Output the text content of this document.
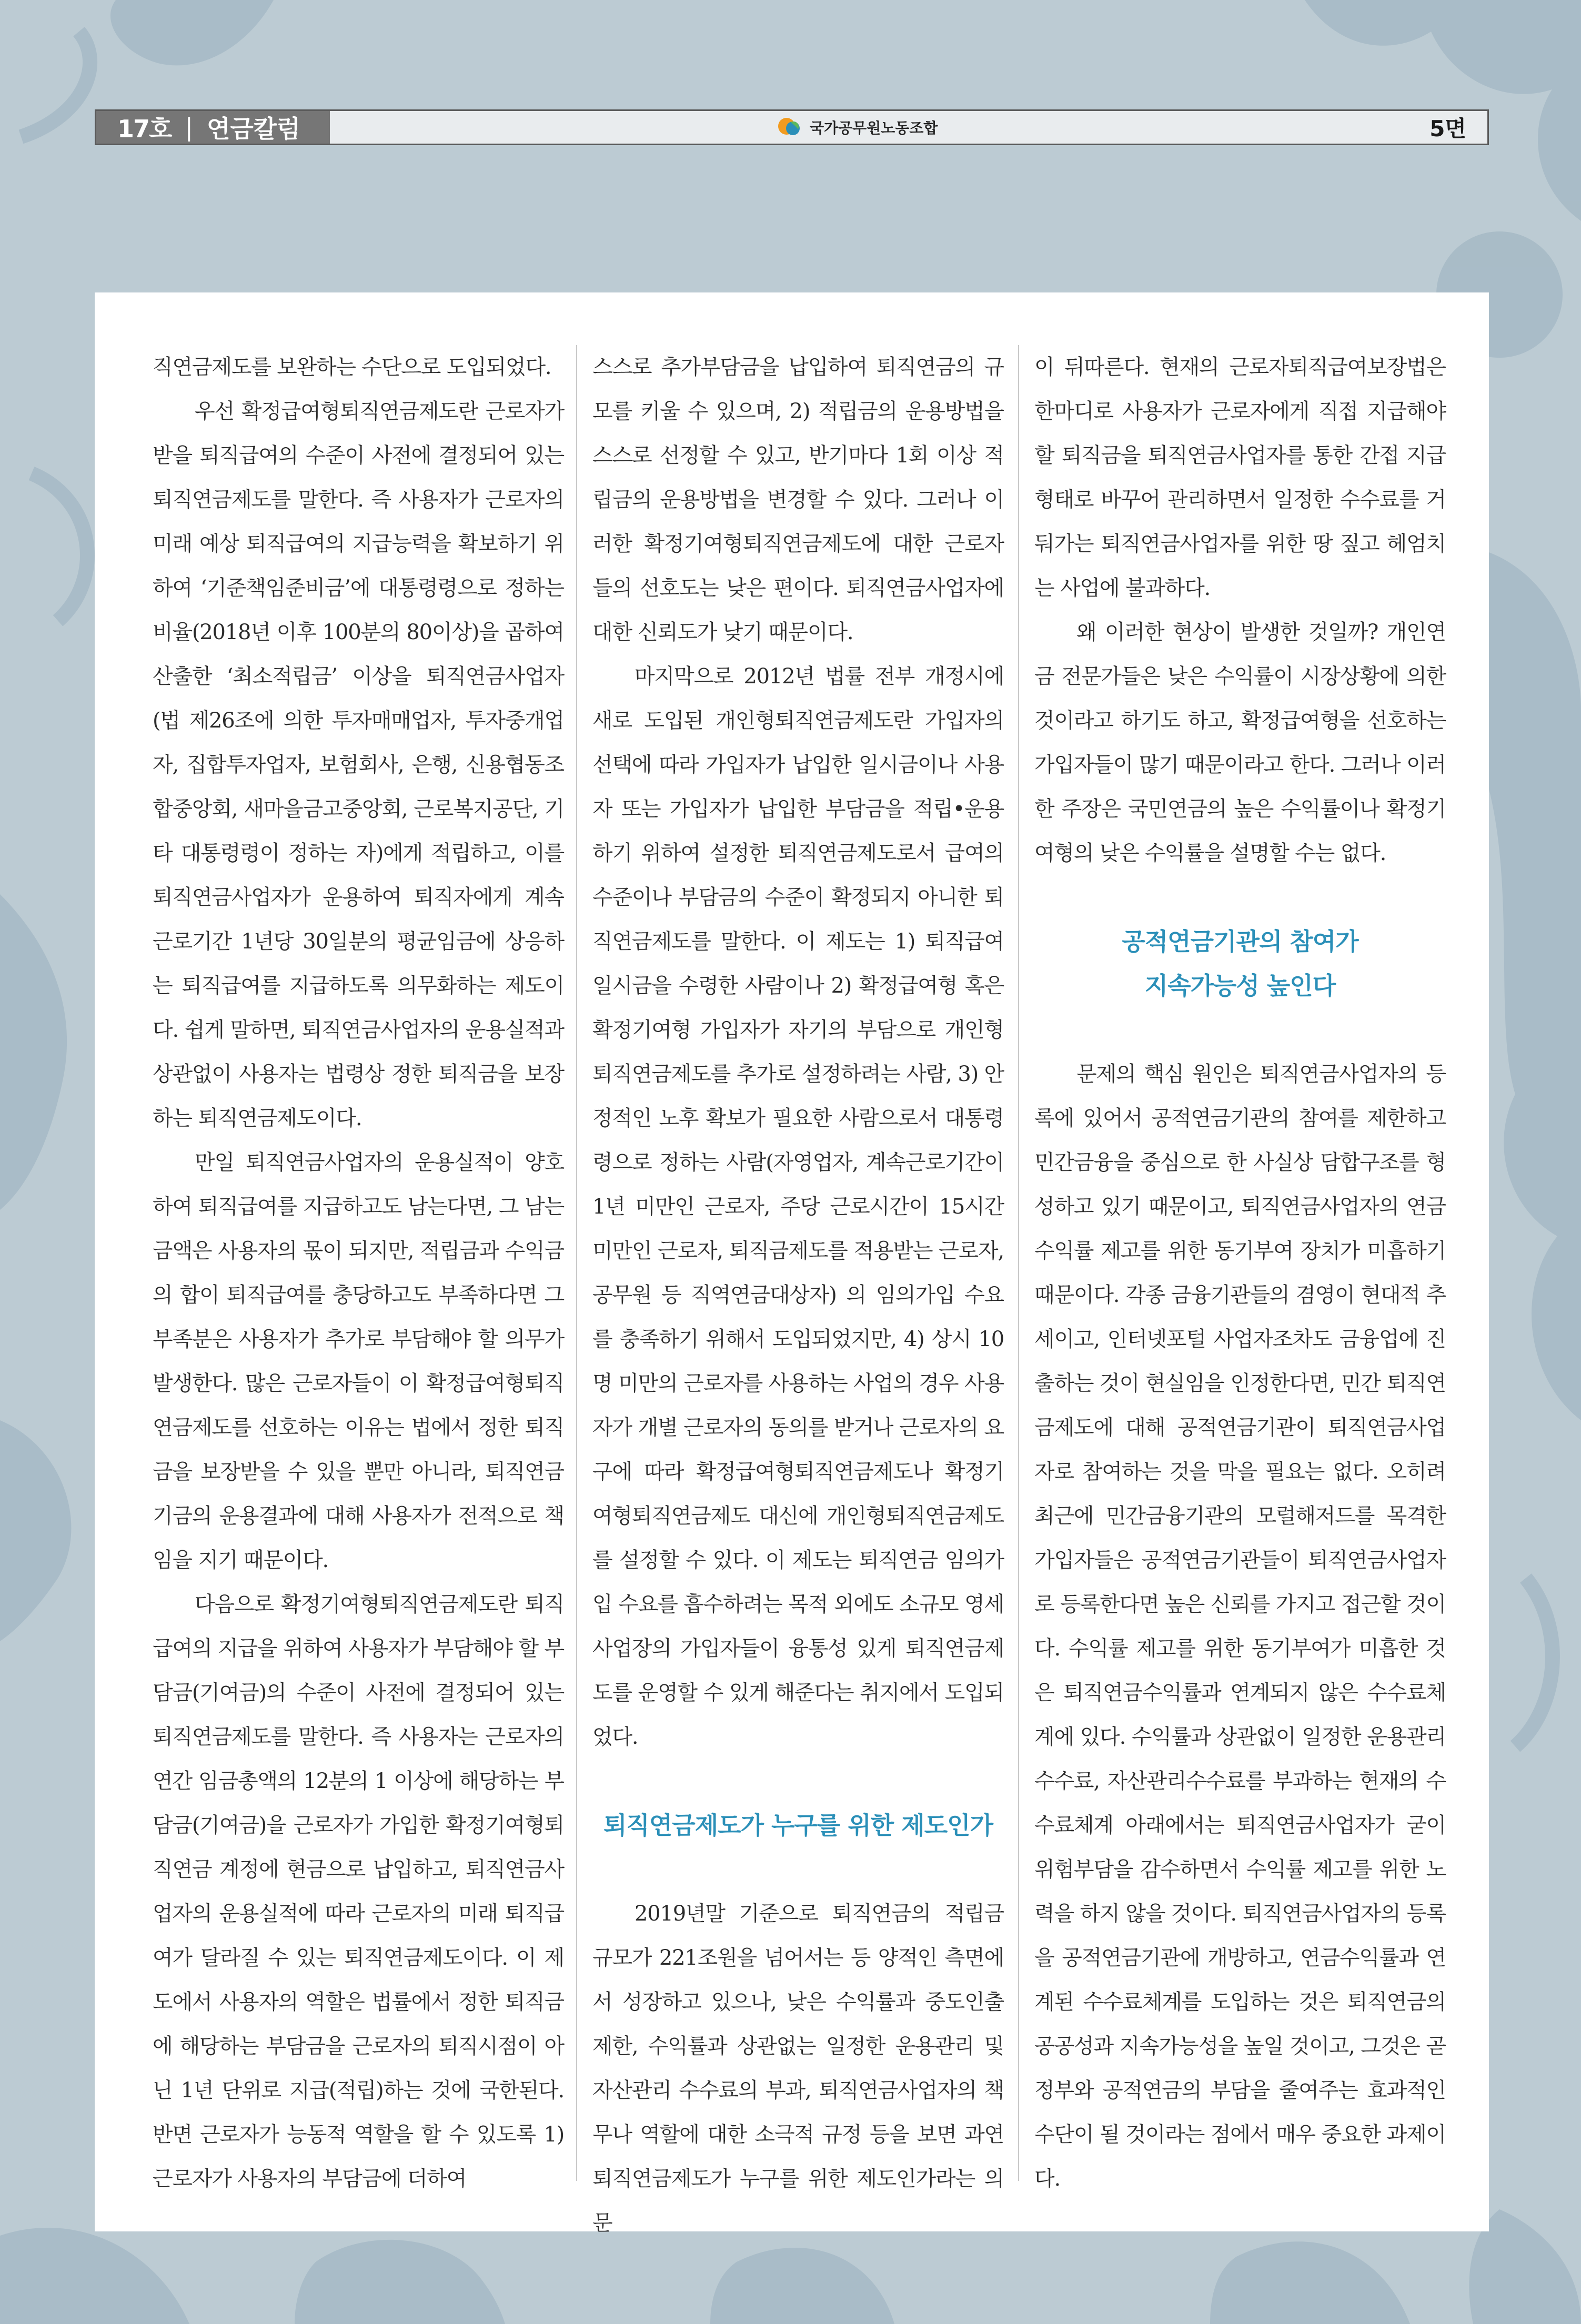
17호 | 연금칼럼	국가공무원노동조합	5면

직연금제도를 보완하는 수단으로 도입되었다.

우선 확정급여형퇴직연금제도란 근로자가 받을 퇴직급여의 수준이 사전에 결정되어 있는 퇴직연금제도를 말한다. 즉 사용자가 근로자의 미래 예상 퇴직급여의 지급능력을 확보하기 위하여 ‘기준책임준비금’에 대통령령으로 정하는 비율(2018년 이후 100분의 80이상)을 곱하여 산출한 ‘최소적립금’ 이상을 퇴직연금사업자(법 제26조에 의한 투자매매업자, 투자중개업자, 집합투자업자, 보험회사, 은행, 신용협동조합중앙회, 새마을금고중앙회, 근로복지공단, 기타 대통령령이 정하는 자)에게 적립하고, 이를 퇴직연금사업자가 운용하여 퇴직자에게 계속근로기간 1년당 30일분의 평균임금에 상응하는 퇴직급여를 지급하도록 의무화하는 제도이다. 쉽게 말하면, 퇴직연금사업자의 운용실적과 상관없이 사용자는 법령상 정한 퇴직금을 보장하는 퇴직연금제도이다.

만일 퇴직연금사업자의 운용실적이 양호하여 퇴직급여를 지급하고도 남는다면, 그 남는 금액은 사용자의 몫이 되지만, 적립금과 수익금의 합이 퇴직급여를 충당하고도 부족하다면 그 부족분은 사용자가 추가로 부담해야 할 의무가 발생한다. 많은 근로자들이 이 확정급여형퇴직연금제도를 선호하는 이유는 법에서 정한 퇴직금을 보장받을 수 있을 뿐만 아니라, 퇴직연금기금의 운용결과에 대해 사용자가 전적으로 책임을 지기 때문이다.

다음으로 확정기여형퇴직연금제도란 퇴직급여의 지급을 위하여 사용자가 부담해야 할 부담금(기여금)의 수준이 사전에 결정되어 있는 퇴직연금제도를 말한다. 즉 사용자는 근로자의 연간 임금총액의 12분의 1 이상에 해당하는 부담금(기여금)을 근로자가 가입한 확정기여형퇴직연금 계정에 현금으로 납입하고, 퇴직연금사업자의 운용실적에 따라 근로자의 미래 퇴직급여가 달라질 수 있는 퇴직연금제도이다. 이 제도에서 사용자의 역할은 법률에서 정한 퇴직금에 해당하는 부담금을 근로자의 퇴직시점이 아닌 1년 단위로 지급(적립)하는 것에 국한된다. 반면 근로자가 능동적 역할을 할 수 있도록 1) 근로자가 사용자의 부담금에 더하여

스스로 추가부담금을 납입하여 퇴직연금의 규모를 키울 수 있으며, 2) 적립금의 운용방법을 스스로 선정할 수 있고, 반기마다 1회 이상 적립금의 운용방법을 변경할 수 있다. 그러나 이러한 확정기여형퇴직연금제도에 대한 근로자들의 선호도는 낮은 편이다. 퇴직연금사업자에 대한 신뢰도가 낮기 때문이다.

마지막으로 2012년 법률 전부 개정시에 새로 도입된 개인형퇴직연금제도란 가입자의 선택에 따라 가입자가 납입한 일시금이나 사용자 또는 가입자가 납입한 부담금을 적립•운용하기 위하여 설정한 퇴직연금제도로서 급여의 수준이나 부담금의 수준이 확정되지 아니한 퇴직연금제도를 말한다. 이 제도는 1) 퇴직급여 일시금을 수령한 사람이나 2) 확정급여형 혹은 확정기여형 가입자가 자기의 부담으로 개인형퇴직연금제도를 추가로 설정하려는 사람, 3) 안정적인 노후 확보가 필요한 사람으로서 대통령령으로 정하는 사람(자영업자, 계속근로기간이 1년 미만인 근로자, 주당 근로시간이 15시간 미만인 근로자, 퇴직금제도를 적용받는 근로자, 공무원 등 직역연금대상자) 의 임의가입 수요를 충족하기 위해서 도입되었지만, 4) 상시 10명 미만의 근로자를 사용하는 사업의 경우 사용자가 개별 근로자의 동의를 받거나 근로자의 요구에 따라 확정급여형퇴직연금제도나 확정기여형퇴직연금제도 대신에 개인형퇴직연금제도를 설정할 수 있다. 이 제도는 퇴직연금 임의가입 수요를 흡수하려는 목적 외에도 소규모 영세사업장의 가입자들이 융통성 있게 퇴직연금제도를 운영할 수 있게 해준다는 취지에서 도입되었다.

퇴직연금제도가 누구를 위한 제도인가

2019년말 기준으로 퇴직연금의 적립금 규모가 221조원을 넘어서는 등 양적인 측면에서 성장하고 있으나, 낮은 수익률과 중도인출 제한, 수익률과 상관없는 일정한 운용관리 및 자산관리 수수료의 부과, 퇴직연금사업자의 책무나 역할에 대한 소극적 규정 등을 보면 과연 퇴직연금제도가 누구를 위한 제도인가라는 의문

이 뒤따른다. 현재의 근로자퇴직급여보장법은 한마디로 사용자가 근로자에게 직접 지급해야 할 퇴직금을 퇴직연금사업자를 통한 간접 지급형태로 바꾸어 관리하면서 일정한 수수료를 거둬가는 퇴직연금사업자를 위한 땅 짚고 헤엄치는 사업에 불과하다.

왜 이러한 현상이 발생한 것일까? 개인연금 전문가들은 낮은 수익률이 시장상황에 의한 것이라고 하기도 하고, 확정급여형을 선호하는 가입자들이 많기 때문이라고 한다. 그러나 이러한 주장은 국민연금의 높은 수익률이나 확정기여형의 낮은 수익률을 설명할 수는 없다.

공적연금기관의 참여가
지속가능성 높인다

문제의 핵심 원인은 퇴직연금사업자의 등록에 있어서 공적연금기관의 참여를 제한하고 민간금융을 중심으로 한 사실상 담합구조를 형성하고 있기 때문이고, 퇴직연금사업자의 연금수익률 제고를 위한 동기부여 장치가 미흡하기 때문이다. 각종 금융기관들의 겸영이 현대적 추세이고, 인터넷포털 사업자조차도 금융업에 진출하는 것이 현실임을 인정한다면, 민간 퇴직연금제도에 대해 공적연금기관이 퇴직연금사업자로 참여하는 것을 막을 필요는 없다. 오히려 최근에 민간금융기관의 모럴해저드를 목격한 가입자들은 공적연금기관들이 퇴직연금사업자로 등록한다면 높은 신뢰를 가지고 접근할 것이다. 수익률 제고를 위한 동기부여가 미흡한 것은 퇴직연금수익률과 연계되지 않은 수수료체계에 있다. 수익률과 상관없이 일정한 운용관리수수료, 자산관리수수료를 부과하는 현재의 수수료체계 아래에서는 퇴직연금사업자가 굳이 위험부담을 감수하면서 수익률 제고를 위한 노력을 하지 않을 것이다. 퇴직연금사업자의 등록을 공적연금기관에 개방하고, 연금수익률과 연계된 수수료체계를 도입하는 것은 퇴직연금의 공공성과 지속가능성을 높일 것이고, 그것은 곧 정부와 공적연금의 부담을 줄여주는 효과적인 수단이 될 것이라는 점에서 매우 중요한 과제이다.
